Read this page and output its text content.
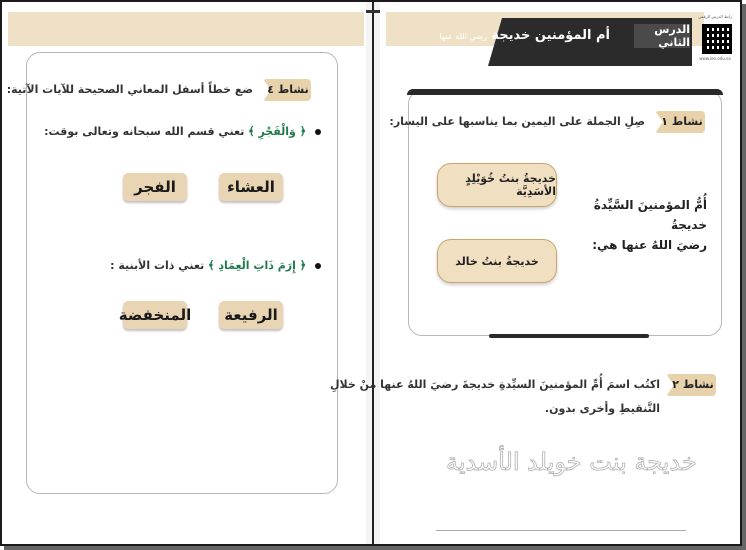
نشاط ٤
ضع خطاً أسفل المعاني الصحيحة للآيات الآتية:
﴿ وَالْفَجْرِ ﴾ تعني قسم الله سبحانه وتعالى بوقت:
العشاء
الفجر
﴿ إِرَمَ ذَاتِ الْعِمَادِ ﴾ تعني ذات الأبنية :
الرفيعة
المنخفضة
الدرس الثاني
أم المؤمنين خديجة رضي الله عنها
رابط الدرس الرقمي
www.ien.edu.sa
نشاط ١
صِلِ الجملة على اليمين بما يناسبها على اليسار:
خديجةُ بنتُ خُوَيْلِدٍ الأسَدِيَّة
خديجةُ بنتُ خالد
أُمُّ المؤمنينَ السَّيِّدةُ خديجةُ
رضيَ اللهُ عنها هي:
نشاط ٢
اكتُب اسمَ أُمِّ المؤمنينَ السيِّدةِ خديجةَ رضيَ اللهُ عنها منْ خلالِ
التَّنقيطِ وأخرى بدون.
خديجة بنت خويلد الأسدية
